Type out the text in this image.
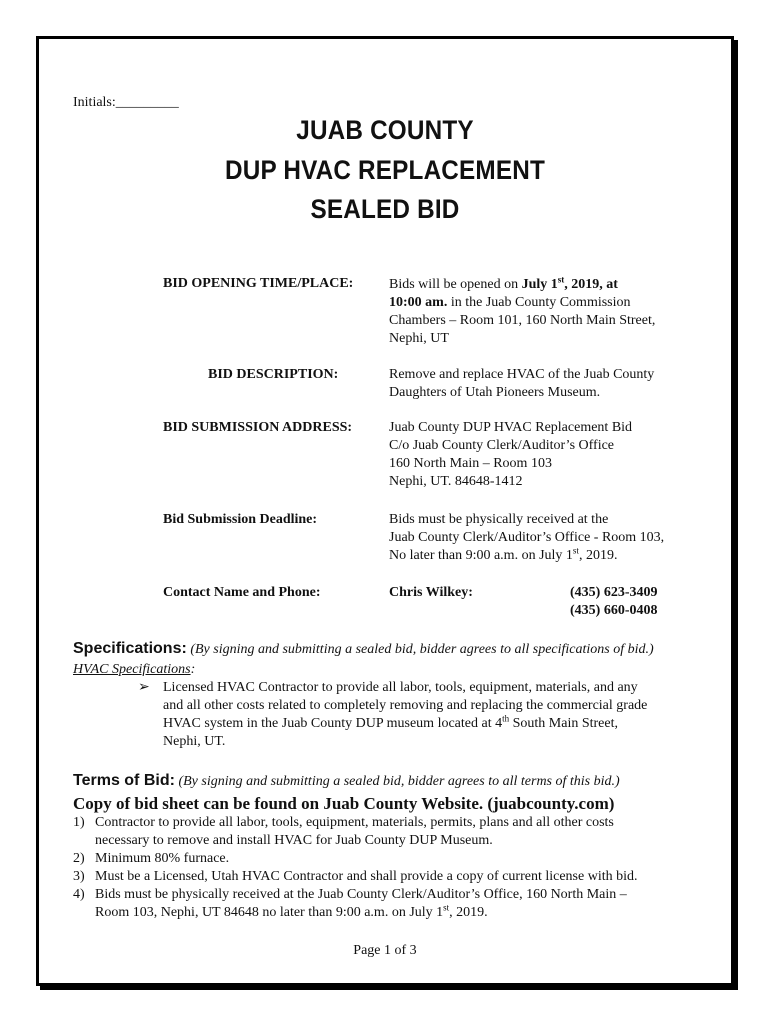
Initials:_________
JUAB COUNTY
DUP HVAC REPLACEMENT
SEALED BID
BID OPENING TIME/PLACE:	Bids will be opened on July 1st, 2019, at
10:00 am. in the Juab County Commission
Chambers – Room 101, 160 North Main Street,
Nephi, UT
BID DESCRIPTION:	Remove and replace HVAC of the Juab County
Daughters of Utah Pioneers Museum.
BID SUBMISSION ADDRESS:	Juab County DUP HVAC Replacement Bid
C/o Juab County Clerk/Auditor’s Office
160 North Main – Room 103
Nephi, UT. 84648-1412
Bid Submission Deadline:	Bids must be physically received at the
Juab County Clerk/Auditor’s Office - Room 103,
No later than 9:00 a.m. on July 1st, 2019.
Contact Name and Phone:	Chris Wilkey:	(435) 623-3409
(435) 660-0408
Specifications: (By signing and submitting a sealed bid, bidder agrees to all specifications of bid.)
HVAC Specifications:
➢ Licensed HVAC Contractor to provide all labor, tools, equipment, materials, and any
and all other costs related to completely removing and replacing the commercial grade
HVAC system in the Juab County DUP museum located at 4th South Main Street,
Nephi, UT.
Terms of Bid: (By signing and submitting a sealed bid, bidder agrees to all terms of this bid.)
Copy of bid sheet can be found on Juab County Website. (juabcounty.com)
1) Contractor to provide all labor, tools, equipment, materials, permits, plans and all other costs
necessary to remove and install HVAC for Juab County DUP Museum.
2) Minimum 80% furnace.
3) Must be a Licensed, Utah HVAC Contractor and shall provide a copy of current license with bid.
4) Bids must be physically received at the Juab County Clerk/Auditor’s Office, 160 North Main –
Room 103, Nephi, UT 84648 no later than 9:00 a.m. on July 1st, 2019.
Page 1 of 3
